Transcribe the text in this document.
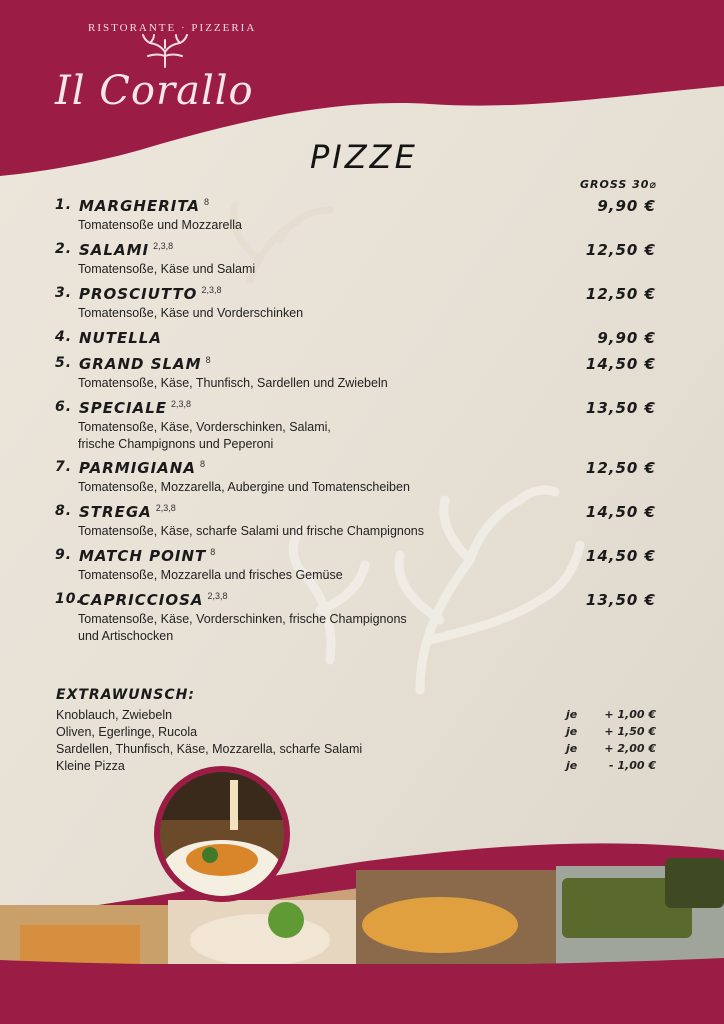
RISTORANTE · PIZZERIA
Il Corallo
PIZZE
GROSS 30⌀
1. MARGHERITA $^8$	9,90 €
Tomatensoße und Mozzarella
2. SALAMI $^{2,3,8}$	12,50 €
Tomatensoße, Käse und Salami
3. PROSCIUTTO $^{2,3,8}$	12,50 €
Tomatensoße, Käse und Vorderschinken
4. NUTELLA	9,90 €
5. GRAND SLAM $^8$	14,50 €
Tomatensoße, Käse, Thunfisch, Sardellen und Zwiebeln
6. SPECIALE $^{2,3,8}$	13,50 €
Tomatensoße, Käse, Vorderschinken, Salami,
frische Champignons und Peperoni
7. PARMIGIANA $^8$	12,50 €
Tomatensoße, Mozzarella, Aubergine und Tomatenscheiben
8. STREGA $^{2,3,8}$	14,50 €
Tomatensoße, Käse, scharfe Salami und frische Champignons
9. MATCH POINT $^8$	14,50 €
Tomatensoße, Mozzarella und frisches Gemüse
10.
CAPRICCIOSA $^{2,3,8}$	13,50 €
Tomatensoße, Käse, Vorderschinken, frische Champignons
und Artischocken
EXTRAWUNSCH:
Knoblauch, Zwiebeln	je + 1,00 €
Oliven, Egerlinge, Rucola	je + 1,50 €
Sardellen, Thunfisch, Käse, Mozzarella, scharfe Salami	je + 2,00 €
Kleine Pizza	je	- 1,00 €
